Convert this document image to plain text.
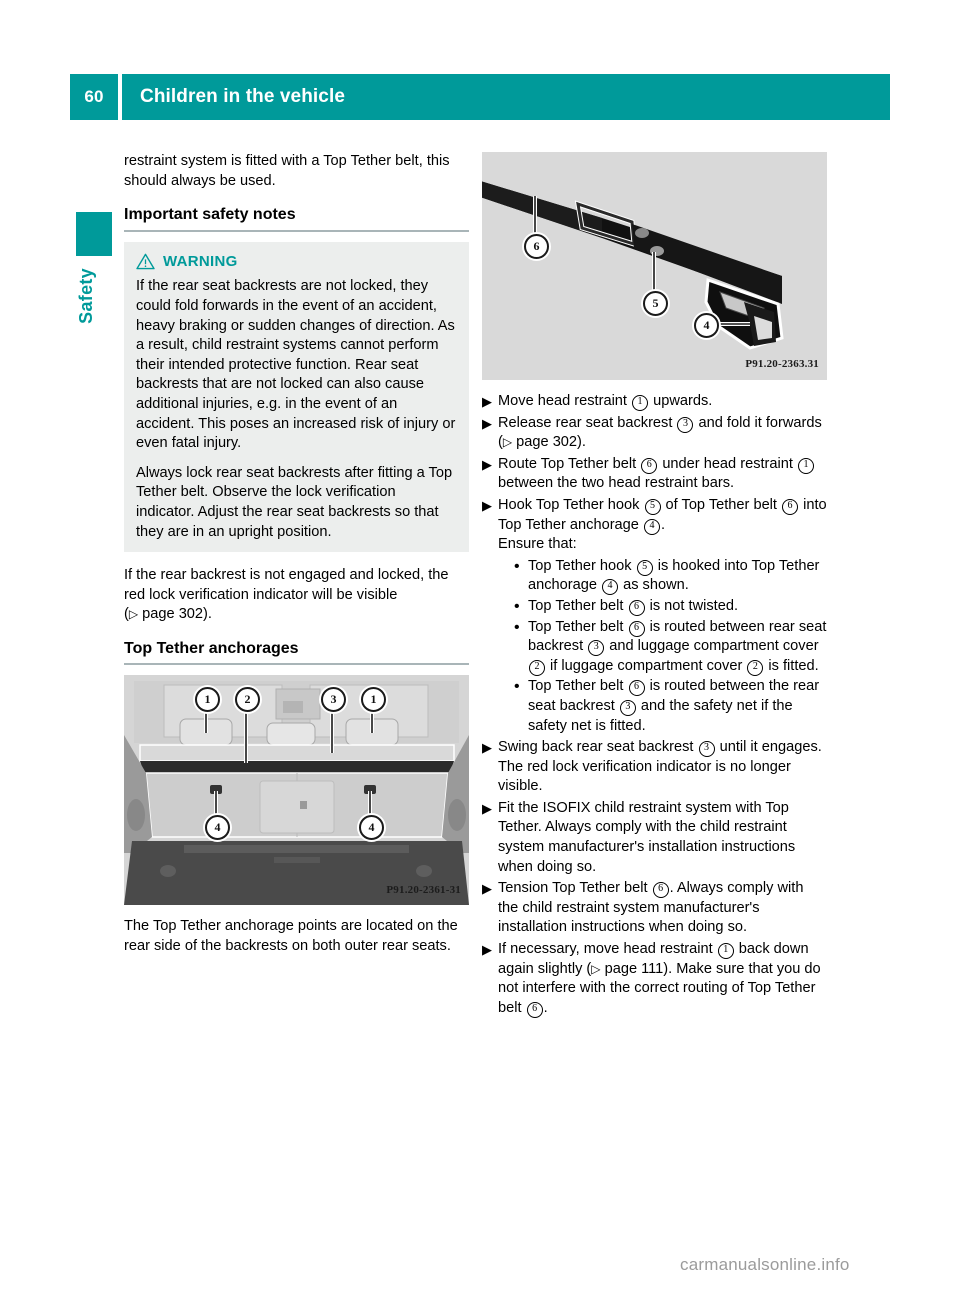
60	Children in the vehicle
Safety

restraint system is fitted with a Top Tether belt, this should always be used.

Important safety notes
WARNING

If the rear seat backrests are not locked, they could fold forwards in the event of an accident, heavy braking or sudden changes of direction. As a result, child restraint systems cannot perform their intended protective function. Rear seat backrests that are not locked can also cause additional injuries, e.g. in the event of an accident. This poses an increased risk of injury or even fatal injury.

Always lock rear seat backrests after fitting a Top Tether belt. Observe the lock verification indicator. Adjust the rear seat backrests so that they are in an upright position.

If the rear backrest is not engaged and locked, the red lock verification indicator will be visible (▷ page 302).

Top Tether anchorages
1	2	3	1
4	4
P91.20-2361-31

The Top Tether anchorage points are located on the rear side of the backrests on both outer rear seats.

6
5
4
P91.20-2363.31
▶ Move head restraint 1 upwards.
▶ Release rear seat backrest 3 and fold it forwards (▷ page 302).
▶ Route Top Tether belt 6 under head restraint 1 between the two head restraint bars.
▶ Hook Top Tether hook 5 of Top Tether belt 6 into Top Tether anchorage 4 .
Ensure that:
• Top Tether hook 5 is hooked into Top Tether anchorage 4 as shown.
• Top Tether belt 6 is not twisted.
• Top Tether belt 6 is routed between rear seat backrest 3 and luggage compartment cover 2 if luggage compartment cover 2 is fitted.
• Top Tether belt 6 is routed between the rear seat backrest 3 and the safety net if the safety net is fitted.
▶ Swing back rear seat backrest 3 until it engages.
The red lock verification indicator is no longer visible.
▶ Fit the ISOFIX child restraint system with Top Tether. Always comply with the child restraint system manufacturer's installation instructions when doing so.
▶ Tension Top Tether belt 6 . Always comply with the child restraint system manufacturer's installation instructions when doing so.
▶ If necessary, move head restraint 1 back down again slightly (▷ page 111). Make sure that you do not interfere with the correct routing of Top Tether belt 6 .
carmanualsonline.info
